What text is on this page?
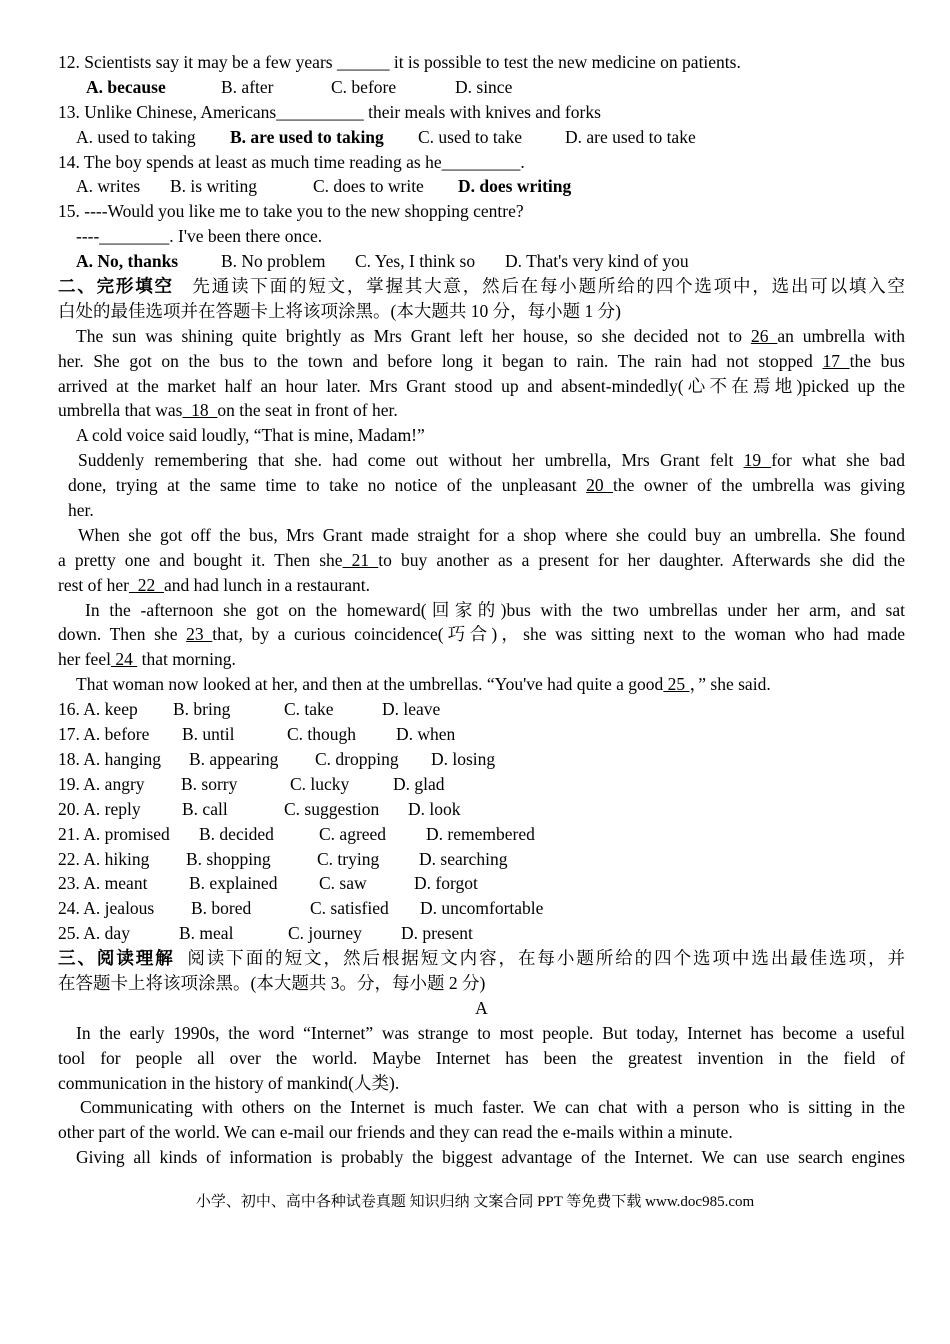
12. Scientists say it may be a few years ______ it is possible to test the new medicine on patients.
A. because	B. after	C. before	D. since
13. Unlike Chinese, Americans__________ their meals with knives and forks
A. used to taking B. are used to taking C. used to take D. are used to take
14. The boy spends at least as much time reading as he_________.
A. writes B. is writing	C. does to write D. does writing
15. ----Would you like me to take you to the new shopping centre?
----________. I've been there once.
A. No, thanks B. No problem C. Yes, I think so D. That's very kind of you
二、完形填空 先通读下面的短文，掌握其大意，然后在每小题所给的四个选项中，选出可以填入空
白处的最佳选项并在答题卡上将该项涂黑。(本大题共 10 分，每小题 1 分)
The sun was shining quite brightly as Mrs Grant left her house, so she decided not to 26 an umbrella with
her. She got on the bus to the town and before long it began to rain. The rain had not stopped 17 the bus
arrived at the market half an hour later. Mrs Grant stood up and absent-mindedly(心不在焉地)picked up the
umbrella that was  18  on the seat in front of her.
A cold voice said loudly, “That is mine, Madam!”
Suddenly remembering that she. had come out without her umbrella, Mrs Grant felt 19 for what she bad
done, trying at the same time to take no notice of the unpleasant 20 the owner of the umbrella was giving
her.
When she got off the bus, Mrs Grant made straight for a shop where she could buy an umbrella. She found
a pretty one and bought it. Then she 21 to buy another as a present for her daughter. Afterwards she did the
rest of her  22  and had lunch in a restaurant.
In the -afternoon she got on the homeward(回家的)bus with the two umbrellas under her arm, and sat
down. Then she 23 that, by a curious coincidence(巧合)，she was sitting next to the woman who had made
her feel 24  that morning.
That woman now looked at her, and then at the umbrellas. “You've had quite a good 25 ，” she said.
16. A. keep B. bring	C. take	D. leave
17. A. before B. until	C. though D. when
18. A. hanging B. appearing C. dropping D. losing
19. A. angry B. sorry	C. lucky D. glad
20. A. reply B. call	C. suggestion D. look
21. A. promised B. decided	C. agreed D. remembered
22. A. hiking B. shopping	C. trying D. searching
23. A. meant B. explained C. saw	D. forgot
24. A. jealous B. bored	C. satisfied D. uncomfortable
25. A. day	B. meal	C. journey D. present
三、阅读理解 阅读下面的短文，然后根据短文内容，在每小题所给的四个选项中选出最佳选项，并
在答题卡上将该项涂黑。(本大题共 3。分，每小题 2 分)
A
In the early 1990s, the word “Internet” was strange to most people. But today, Internet has become a useful
tool for people all over the world. Maybe Internet has been the greatest invention in the field of
communication in the history of mankind(人类).
Communicating with others on the Internet is much faster. We can chat with a person who is sitting in the
other part of the world. We can e-mail our friends and they can read the e-mails within a minute.
Giving all kinds of information is probably the biggest advantage of the Internet. We can use search engines
小学、初中、高中各种试卷真题 知识归纳 文案合同 PPT 等免费下载 www.doc985.com
